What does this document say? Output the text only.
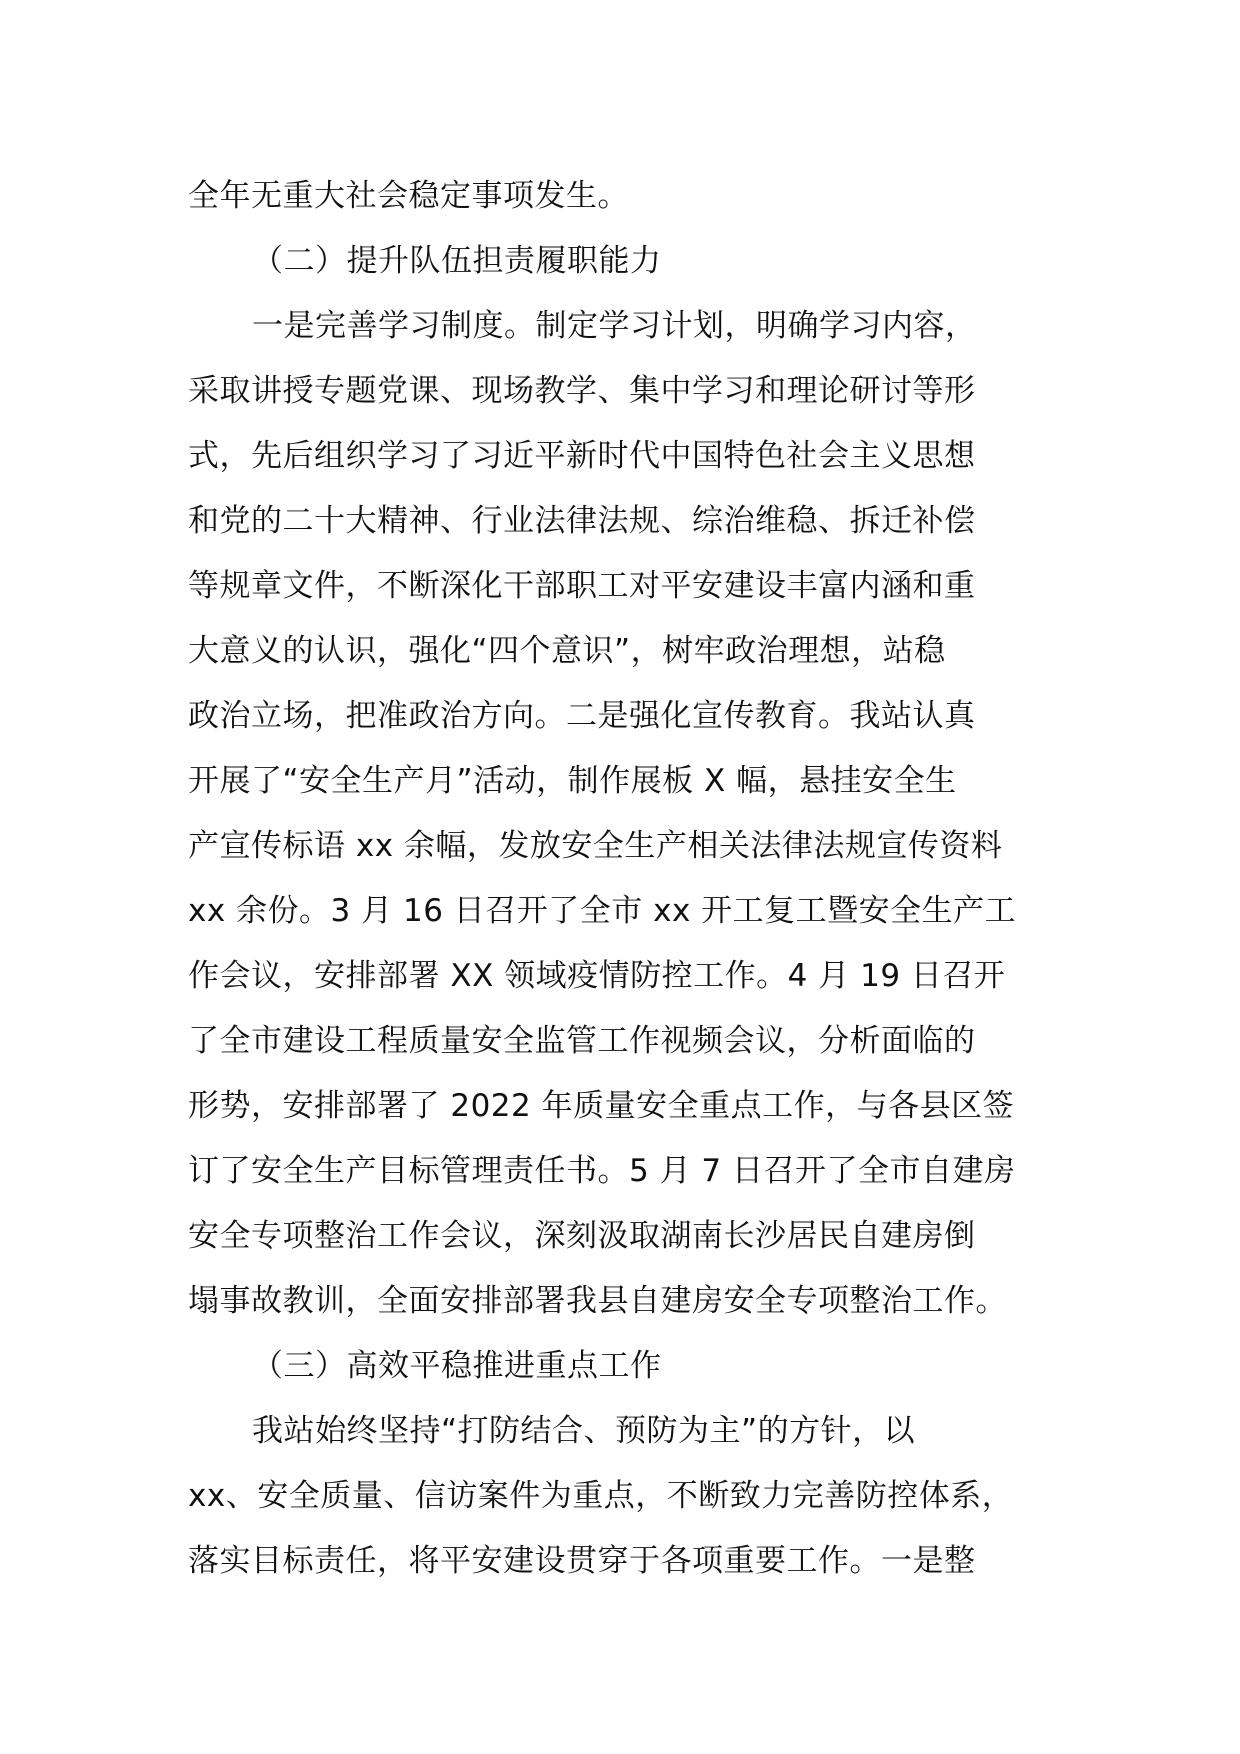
全年无重大社会稳定事项发生。
（二）提升队伍担责履职能力
一是完善学习制度。制定学习计划，明确学习内容，
采取讲授专题党课、现场教学、集中学习和理论研讨等形
式，先后组织学习了习近平新时代中国特色社会主义思想
和党的二十大精神、行业法律法规、综治维稳、拆迁补偿
等规章文件，不断深化干部职工对平安建设丰富内涵和重
大意义的认识，强化“四个意识”，树牢政治理想，站稳
政治立场，把准政治方向。二是强化宣传教育。我站认真
开展了“安全生产月”活动，制作展板 X 幅，悬挂安全生
产宣传标语 xx 余幅，发放安全生产相关法律法规宣传资料
xx 余份。3 月 16 日召开了全市 xx 开工复工暨安全生产工
作会议，安排部署 XX 领域疫情防控工作。4 月 19 日召开
了全市建设工程质量安全监管工作视频会议，分析面临的
形势，安排部署了 2022 年质量安全重点工作，与各县区签
订了安全生产目标管理责任书。5 月 7 日召开了全市自建房
安全专项整治工作会议，深刻汲取湖南长沙居民自建房倒
塌事故教训，全面安排部署我县自建房安全专项整治工作。
（三）高效平稳推进重点工作
我站始终坚持“打防结合、预防为主”的方针，以
xx、安全质量、信访案件为重点，不断致力完善防控体系，
落实目标责任，将平安建设贯穿于各项重要工作。一是整
